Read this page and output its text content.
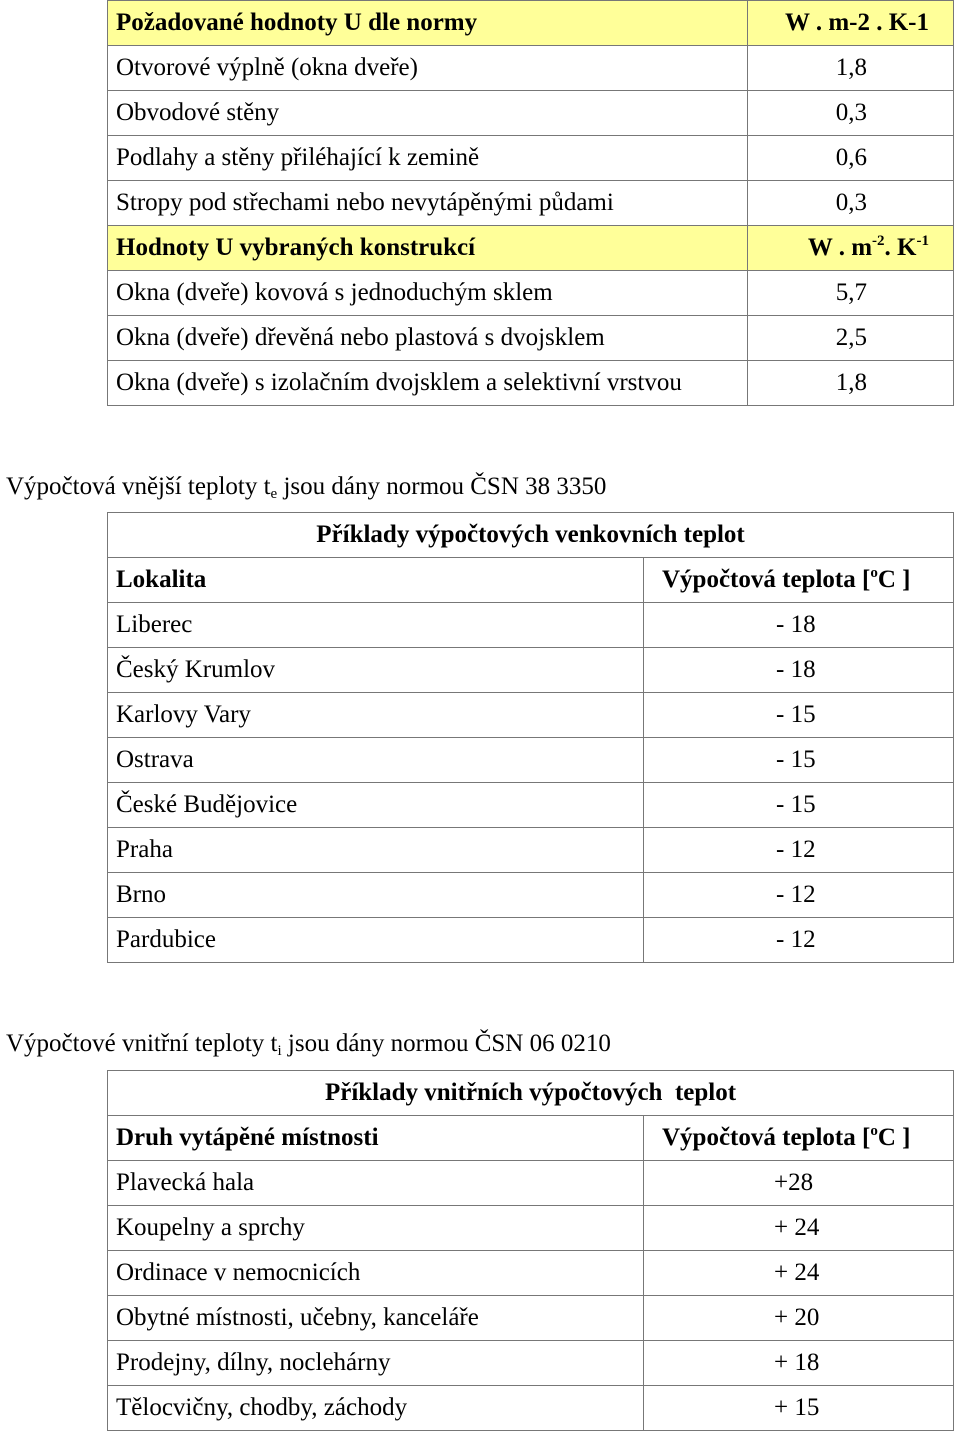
Požadované hodnoty U dle normy	W . m-2 . K-1
Otvorové výplně (okna dveře)	1,8
Obvodové stěny	0,3
Podlahy a stěny přiléhající k zemině	0,6
Stropy pod střechami nebo nevytápěnými půdami	0,3
Hodnoty U vybraných konstrukcí	W . $m^{-2}$. $K^{-1}$
Okna (dveře) kovová s jednoduchým sklem	5,7
Okna (dveře) dřevěná nebo plastová s dvojsklem	2,5
Okna (dveře) s izolačním dvojsklem a selektivní vrstvou	1,8
Výpočtová vnější teploty $t_e$ jsou dány normou ČSN 38 3350
Příklady výpočtových venkovních teplot	
Lokalita	Výpočtová teplota [$^o$C ]
Liberec	- 18
Český Krumlov	- 18
Karlovy Vary	- 15
Ostrava	- 15
České Budějovice	- 15
Praha	- 12
Brno	- 12
Pardubice	- 12
Výpočtové vnitřní teploty $t_i$ jsou dány normou ČSN 06 0210
Příklady vnitřních výpočtových  teplot	
Druh vytápěné místnosti	Výpočtová teplota [$^o$C ]
Plavecká hala	+28
Koupelny a sprchy	+ 24
Ordinace v nemocnicích	+ 24
Obytné místnosti, učebny, kanceláře	+ 20
Prodejny, dílny, noclehárny	+ 18
Tělocvičny, chodby, záchody	+ 15
